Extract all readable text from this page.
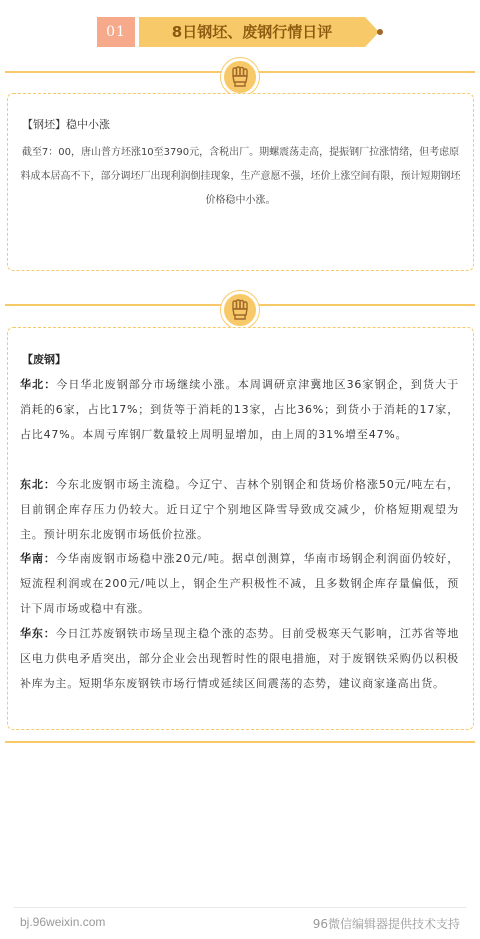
01	8日钢坯、废钢行情日评
【钢坯】稳中小涨
截至7：00，唐山普方坯涨10至3790元，含税出厂。期螺震荡走高，提振钢厂拉涨情绪，但考虑原料成本居高不下，部分调坯厂出现利润倒挂现象，生产意愿不强，坯价上涨空间有限，预计短期钢坯价格稳中小涨。
【废钢】
华北：今日华北废钢部分市场继续小涨。本周调研京津冀地区36家钢企，到货大于消耗的6家，占比17%；到货等于消耗的13家，占比36%；到货小于消耗的17家，占比47%。本周亏库钢厂数量较上周明显增加，由上周的31%增至47%。
东北：今东北废钢市场主流稳。今辽宁、吉林个别钢企和货场价格涨50元/吨左右，目前钢企库存压力仍较大。近日辽宁个别地区降雪导致成交减少，价格短期观望为主。预计明东北废钢市场低价拉涨。
华南：今华南废钢市场稳中涨20元/吨。据卓创测算，华南市场钢企利润面仍较好，短流程利润或在200元/吨以上，钢企生产积极性不减，且多数钢企库存量偏低，预计下周市场或稳中有涨。
华东：今日江苏废钢铁市场呈现主稳个涨的态势。目前受极寒天气影响，江苏省等地区电力供电矛盾突出，部分企业会出现暂时性的限电措施，对于废钢铁采购仍以积极补库为主。短期华东废钢铁市场行情或延续区间震荡的态势，建议商家逢高出货。
bj.96weixin.com	96微信编辑器提供技术支持
